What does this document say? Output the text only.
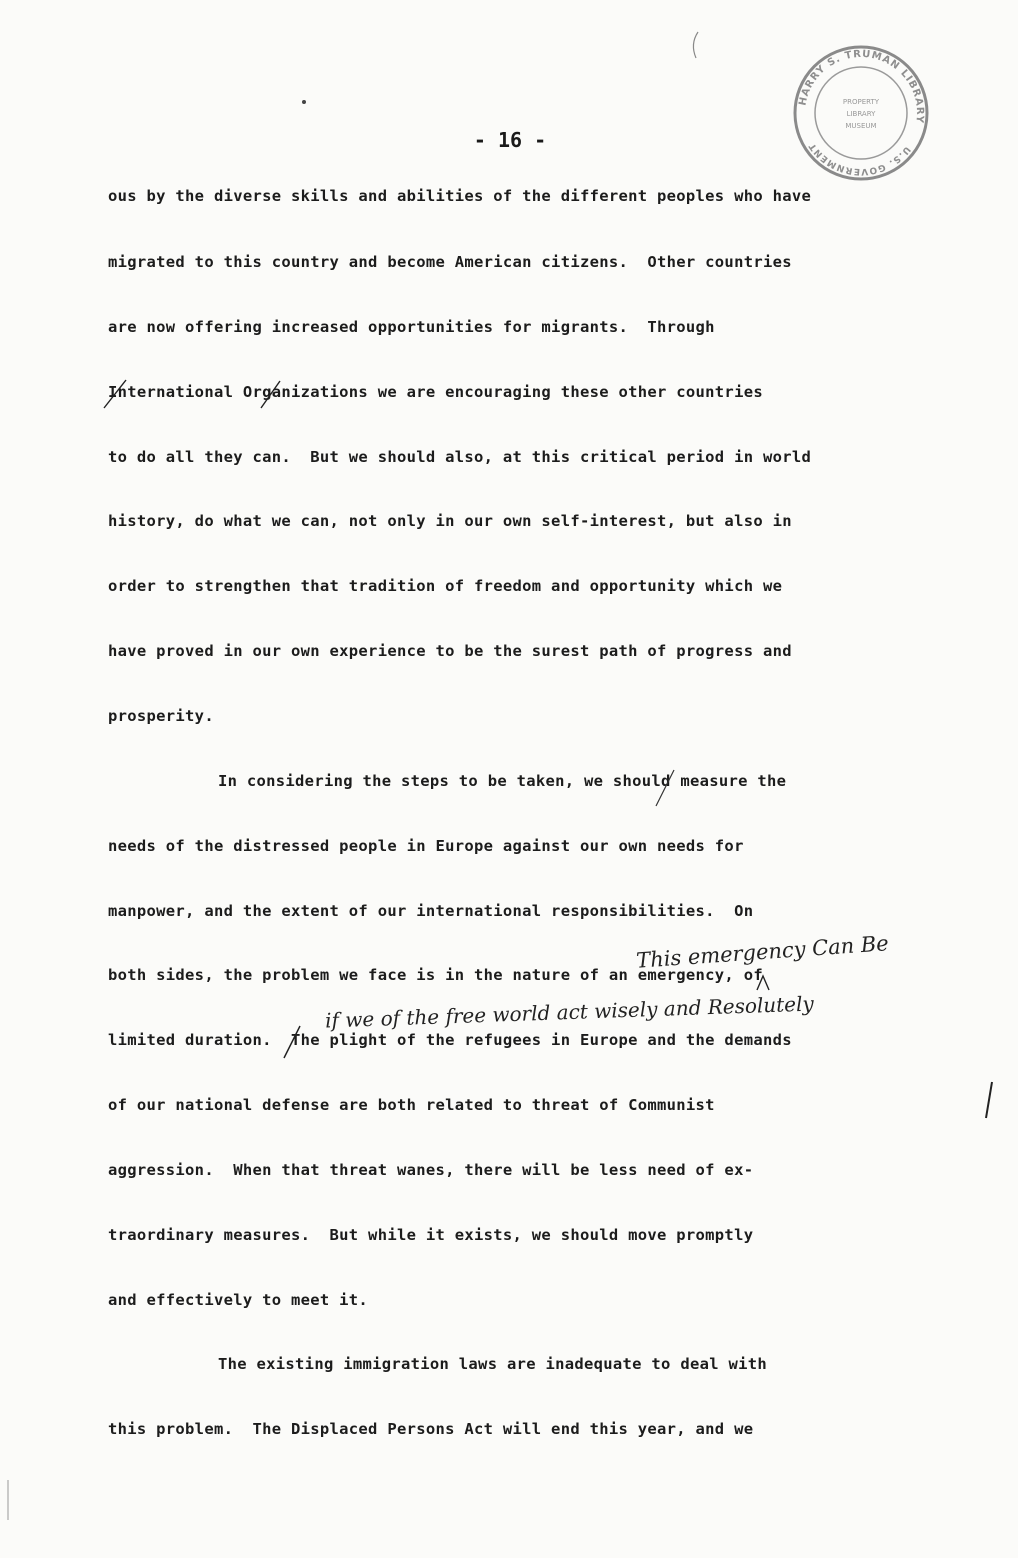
HARRY S. TRUMAN LIBRARY
U.S. GOVERNMENT
PROPERTY
LIBRARY
MUSEUM
- 16 -
ous by the diverse skills and abilities of the different peoples who have
migrated to this country and become American citizens.  Other countries
are now offering increased opportunities for migrants.  Through
International Organizations we are encouraging these other countries
to do all they can.  But we should also, at this critical period in world
history, do what we can, not only in our own self-interest, but also in
order to strengthen that tradition of freedom and opportunity which we
have proved in our own experience to be the surest path of progress and
prosperity.
In considering the steps to be taken, we should measure the
needs of the distressed people in Europe against our own needs for
manpower, and the extent of our international responsibilities.  On
both sides, the problem we face is in the nature of an emergency, of
limited duration.  The plight of the refugees in Europe and the demands
of our national defense are both related to threat of Communist
aggression.  When that threat wanes, there will be less need of ex-
traordinary measures.  But while it exists, we should move promptly
and effectively to meet it.
The existing immigration laws are inadequate to deal with
this problem.  The Displaced Persons Act will end this year, and we
This emergency Can Be
if we of the free world act wisely and Resolutely
